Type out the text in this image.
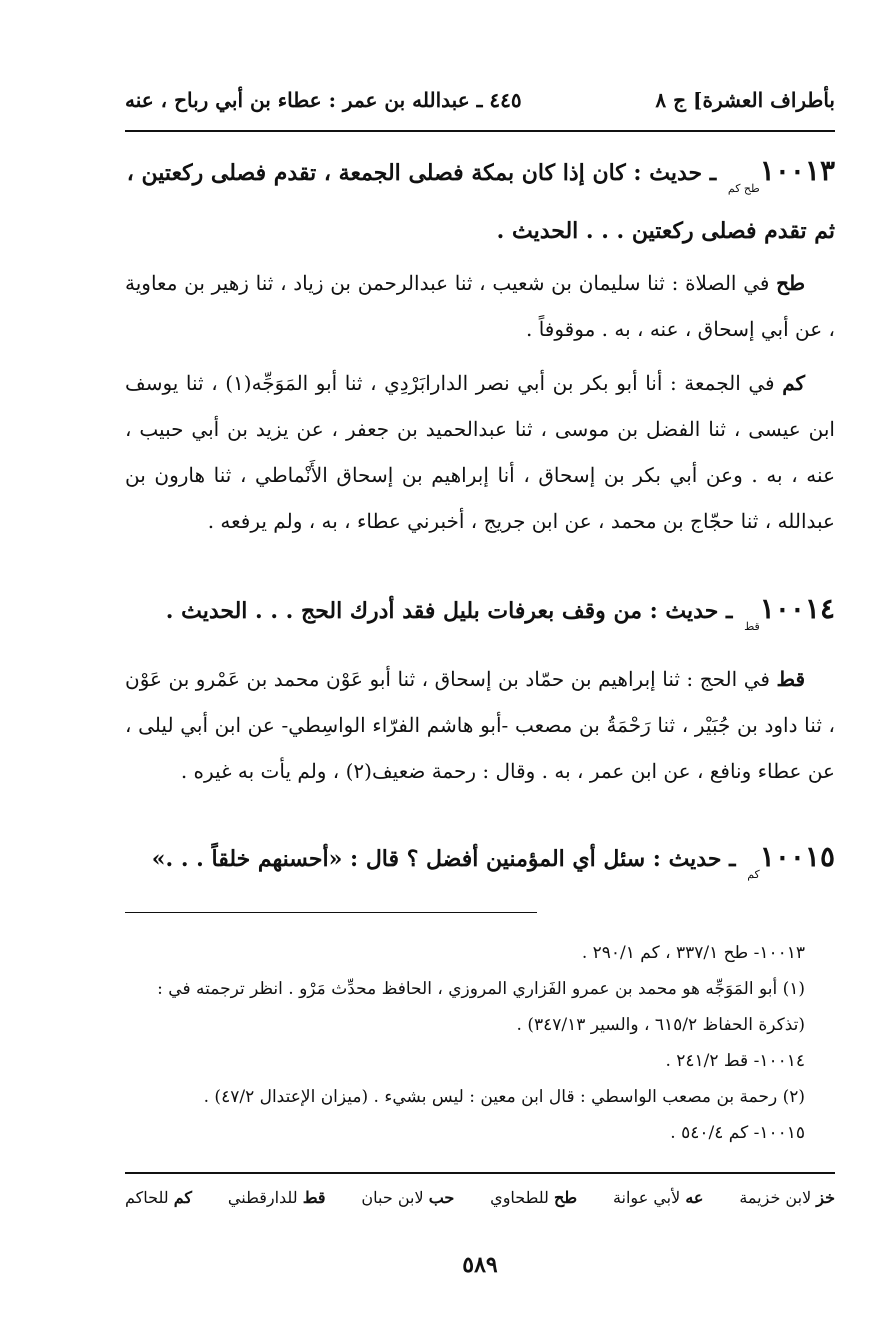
بأطراف العشرة] ج ٨
٤٤٥ ـ عبدالله بن عمر : عطاء بن أبي رباح ، عنه
$١٠٠١٣_{طح كم}$ ـ حديث : كان إذا كان بمكة فصلى الجمعة ، تقدم فصلى ركعتين ، ثم تقدم فصلى ركعتين . . . الحديث .
طح في الصلاة : ثنا سليمان بن شعيب ، ثنا عبدالرحمن بن زياد ، ثنا زهير بن معاوية ، عن أبي إسحاق ، عنه ، به . موقوفاً .
كم في الجمعة : أنا أبو بكر بن أبي نصر الدارابَرْدِي ، ثنا أبو المَوَجِّه(١) ، ثنا يوسف ابن عيسى ، ثنا الفضل بن موسى ، ثنا عبدالحميد بن جعفر ، عن يزيد بن أبي حبيب ، عنه ، به . وعن أبي بكر بن إسحاق ، أنا إبراهيم بن إسحاق الأَنْماطي ، ثنا هارون بن عبدالله ، ثنا حجّاج بن محمد ، عن ابن جريج ، أخبرني عطاء ، به ، ولم يرفعه .
$١٠٠١٤_{قط}$ ـ حديث : من وقف بعرفات بليل فقد أدرك الحج . . . الحديث .
قط في الحج : ثنا إبراهيم بن حمّاد بن إسحاق ، ثنا أبو عَوْن محمد بن عَمْرو بن عَوْن ، ثنا داود بن جُبَيْر ، ثنا رَحْمَةُ بن مصعب -أبو هاشم الفرّاء الواسِطي- عن ابن أبي ليلى ، عن عطاء ونافع ، عن ابن عمر ، به . وقال : رحمة ضعيف(٢) ، ولم يأت به غيره .
$١٠٠١٥_{كم}$ ـ حديث : سئل أي المؤمنين أفضل ؟ قال : «أحسنهم خلقاً . . .»

١٠٠١٣- طح ٣٣٧/١ ، كم ٢٩٠/١ .

(١) أبو المَوَجِّه هو محمد بن عمرو الفَزاري المروزي ، الحافظ محدِّث مَرْو . انظر ترجمته في : (تذكرة الحفاظ ٦١٥/٢ ، والسير ٣٤٧/١٣) .

١٠٠١٤- قط ٢٤١/٢ .

(٢) رحمة بن مصعب الواسطي : قال ابن معين : ليس بشيء . (ميزان الإعتدال ٤٧/٢) .

١٠٠١٥- كم ٥٤٠/٤ .

خز لابن خزيمة
عه لأبي عوانة
طح للطحاوي
حب لابن حبان
قط للدارقطني
كم للحاكم
٥٨٩
